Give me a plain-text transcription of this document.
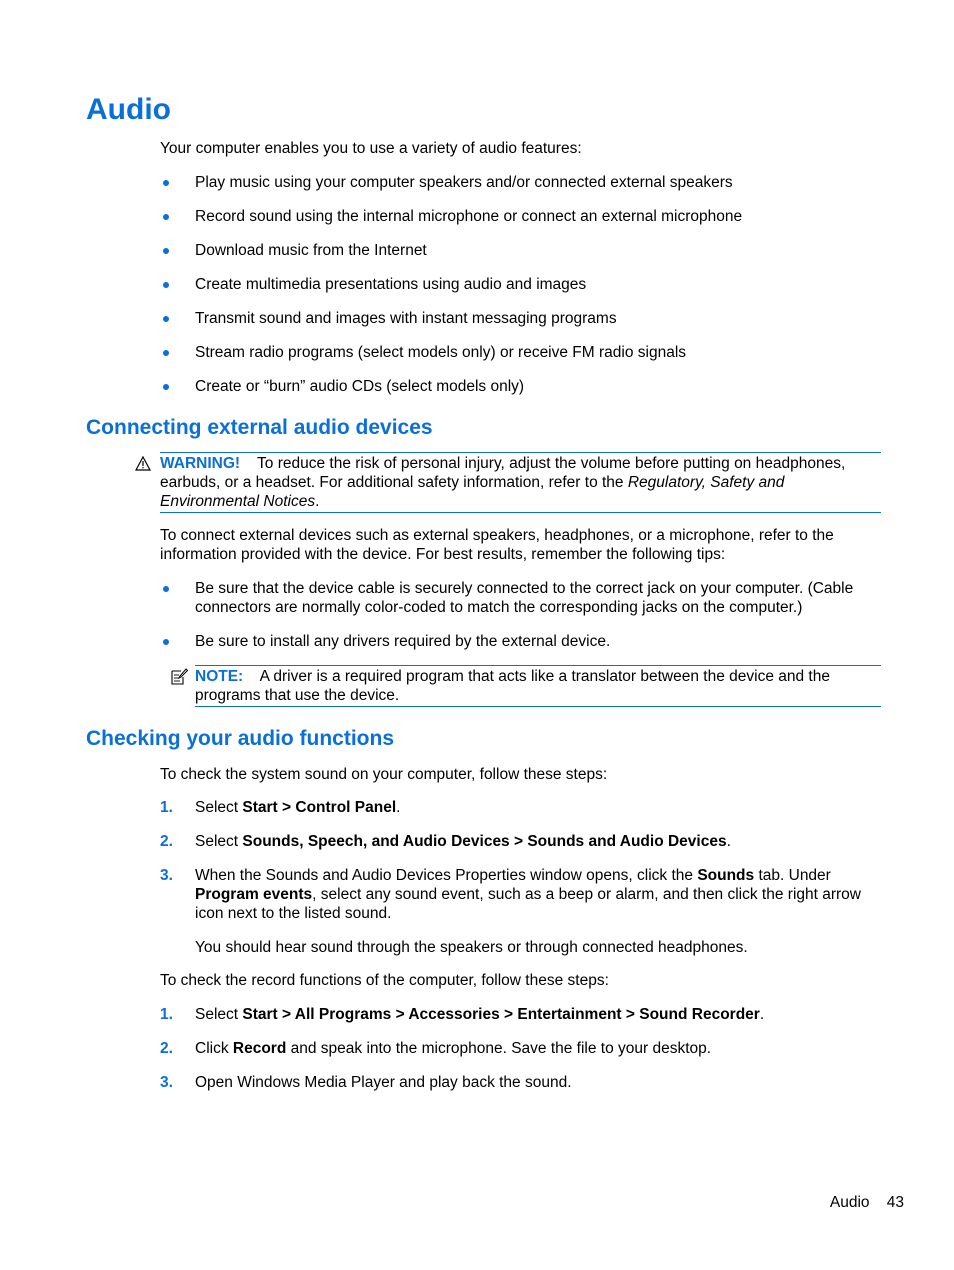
Audio

Your computer enables you to use a variety of audio features:

Play music using your computer speakers and/or connected external speakers
Record sound using the internal microphone or connect an external microphone
Download music from the Internet
Create multimedia presentations using audio and images
Transmit sound and images with instant messaging programs
Stream radio programs (select models only) or receive FM radio signals
Create or “burn” audio CDs (select models only)
Connecting external audio devices
WARNING! To reduce the risk of personal injury, adjust the volume before putting on headphones, earbuds, or a headset. For additional safety information, refer to the Regulatory, Safety and Environmental Notices.

To connect external devices such as external speakers, headphones, or a microphone, refer to the information provided with the device. For best results, remember the following tips:

Be sure that the device cable is securely connected to the correct jack on your computer. (Cable connectors are normally color-coded to match the corresponding jacks on the computer.)
Be sure to install any drivers required by the external device.
NOTE: A driver is a required program that acts like a translator between the device and the programs that use the device.
Checking your audio functions

To check the system sound on your computer, follow these steps:

1. Select Start > Control Panel.
2. Select Sounds, Speech, and Audio Devices > Sounds and Audio Devices.
3. When the Sounds and Audio Devices Properties window opens, click the Sounds tab. Under Program events, select any sound event, such as a beep or alarm, and then click the right arrow icon next to the listed sound.

You should hear sound through the speakers or through connected headphones.

To check the record functions of the computer, follow these steps:

1. Select Start > All Programs > Accessories > Entertainment > Sound Recorder.
2. Click Record and speak into the microphone. Save the file to your desktop.
3. Open Windows Media Player and play back the sound.
Audio 43
